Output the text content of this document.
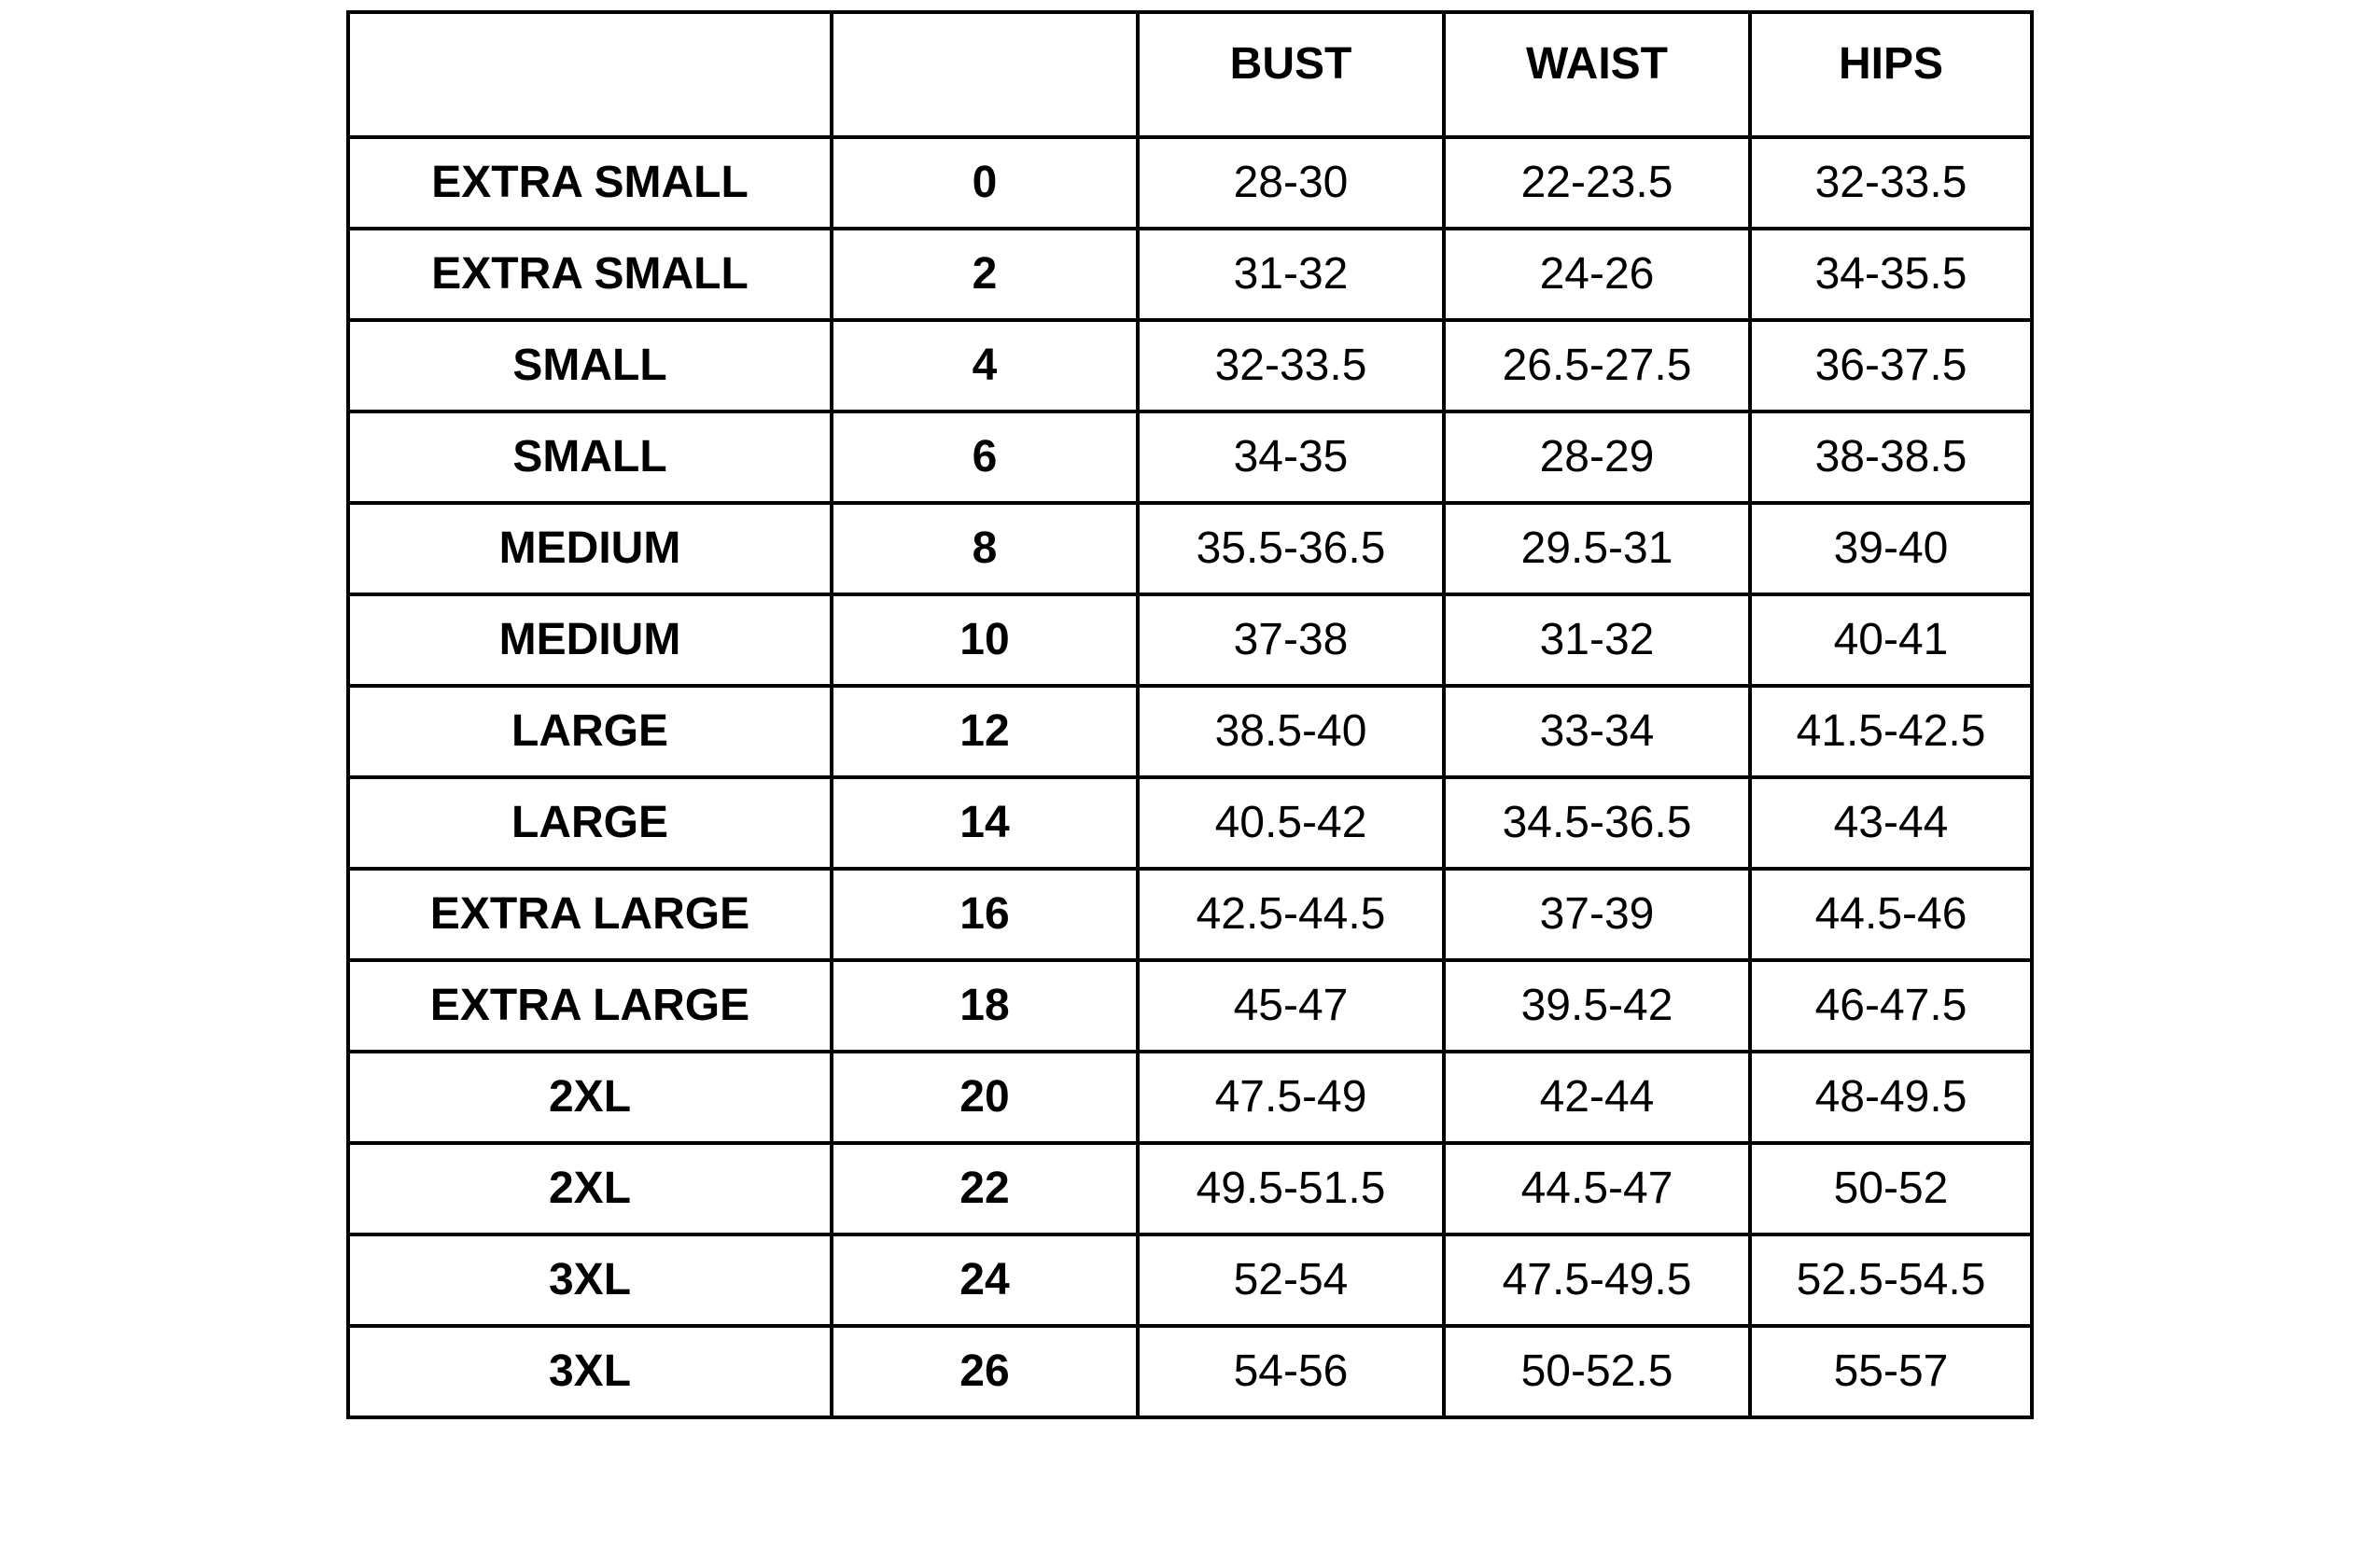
		BUST	WAIST	HIPS
EXTRA SMALL	0	28-30	22-23.5	32-33.5
EXTRA SMALL	2	31-32	24-26	34-35.5
SMALL	4	32-33.5	26.5-27.5	36-37.5
SMALL	6	34-35	28-29	38-38.5
MEDIUM	8	35.5-36.5	29.5-31	39-40
MEDIUM	10	37-38	31-32	40-41
LARGE	12	38.5-40	33-34	41.5-42.5
LARGE	14	40.5-42	34.5-36.5	43-44
EXTRA LARGE	16	42.5-44.5	37-39	44.5-46
EXTRA LARGE	18	45-47	39.5-42	46-47.5
2XL	20	47.5-49	42-44	48-49.5
2XL	22	49.5-51.5	44.5-47	50-52
3XL	24	52-54	47.5-49.5	52.5-54.5
3XL	26	54-56	50-52.5	55-57
